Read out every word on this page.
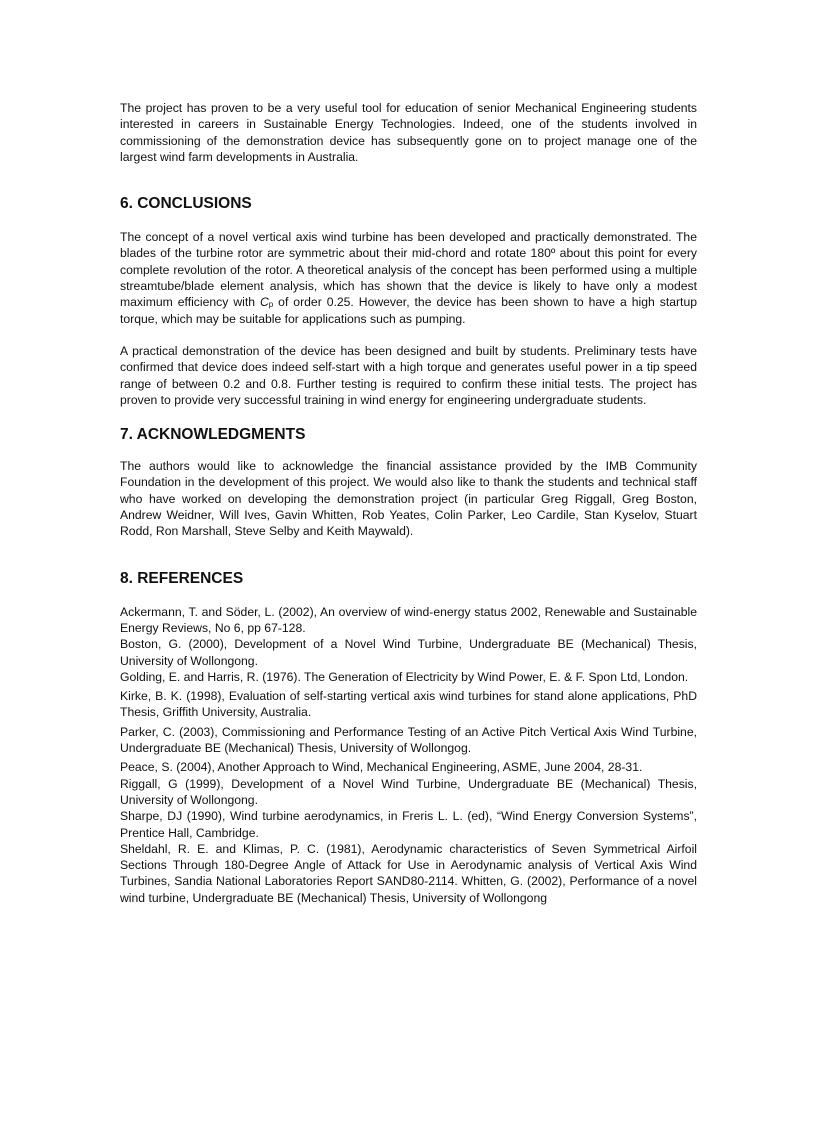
The project has proven to be a very useful tool for education of senior Mechanical Engineering students interested in careers in Sustainable Energy Technologies. Indeed, one of the students involved in commissioning of the demonstration device has subsequently gone on to project manage one of the largest wind farm developments in Australia.

6. CONCLUSIONS

The concept of a novel vertical axis wind turbine has been developed and practically demonstrated. The blades of the turbine rotor are symmetric about their mid-chord and rotate 180º about this point for every complete revolution of the rotor. A theoretical analysis of the concept has been performed using a multiple streamtube/blade element analysis, which has shown that the device is likely to have only a modest maximum efficiency with $C_p$ of order 0.25. However, the device has been shown to have a high startup torque, which may be suitable for applications such as pumping.

A practical demonstration of the device has been designed and built by students. Preliminary tests have confirmed that device does indeed self-start with a high torque and generates useful power in a tip speed range of between 0.2 and 0.8. Further testing is required to confirm these initial tests. The project has proven to provide very successful training in wind energy for engineering undergraduate students.

7. ACKNOWLEDGMENTS

The authors would like to acknowledge the financial assistance provided by the IMB Community Foundation in the development of this project. We would also like to thank the students and technical staff who have worked on developing the demonstration project (in particular Greg Riggall, Greg Boston, Andrew Weidner, Will Ives, Gavin Whitten, Rob Yeates, Colin Parker, Leo Cardile, Stan Kyselov, Stuart Rodd, Ron Marshall, Steve Selby and Keith Maywald).

8. REFERENCES

Ackermann, T. and Söder, L. (2002), An overview of wind-energy status 2002, Renewable and Sustainable Energy Reviews, No 6, pp 67-128.

Boston, G. (2000), Development of a Novel Wind Turbine, Undergraduate BE (Mechanical) Thesis, University of Wollongong.

Golding, E. and Harris, R. (1976). The Generation of Electricity by Wind Power, E. & F. Spon Ltd, London.

Kirke, B. K. (1998), Evaluation of self-starting vertical axis wind turbines for stand alone applications, PhD Thesis, Griffith University, Australia.

Parker, C. (2003), Commissioning and Performance Testing of an Active Pitch Vertical Axis Wind Turbine, Undergraduate BE (Mechanical) Thesis, University of Wollongog.

Peace, S. (2004), Another Approach to Wind, Mechanical Engineering, ASME, June 2004, 28-31.

Riggall, G (1999), Development of a Novel Wind Turbine, Undergraduate BE (Mechanical) Thesis, University of Wollongong.

Sharpe, DJ (1990), Wind turbine aerodynamics, in Freris L. L. (ed), “Wind Energy Conversion Systems”, Prentice Hall, Cambridge.

Sheldahl, R. E. and Klimas, P. C. (1981), Aerodynamic characteristics of Seven Symmetrical Airfoil Sections Through 180-Degree Angle of Attack for Use in Aerodynamic analysis of Vertical Axis Wind Turbines, Sandia National Laboratories Report SAND80-2114. Whitten, G. (2002), Performance of a novel wind turbine, Undergraduate BE (Mechanical) Thesis, University of Wollongong
